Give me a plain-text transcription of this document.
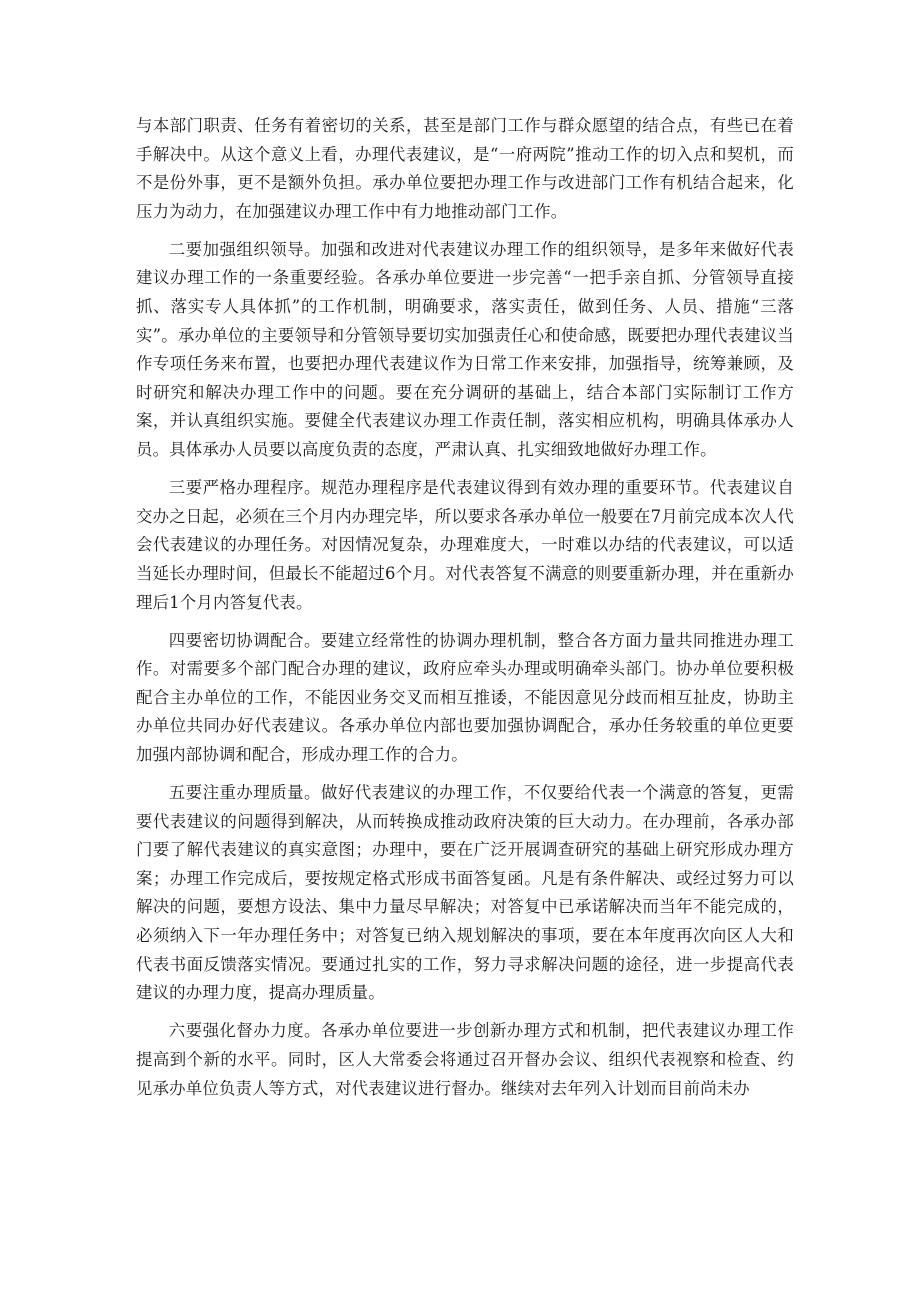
与本部门职责、任务有着密切的关系，甚至是部门工作与群众愿望的结合点，有些已在着手解决中。从这个意义上看，办理代表建议，是“一府两院”推动工作的切入点和契机，而不是份外事，更不是额外负担。承办单位要把办理工作与改进部门工作有机结合起来，化压力为动力，在加强建议办理工作中有力地推动部门工作。

二要加强组织领导。加强和改进对代表建议办理工作的组织领导，是多年来做好代表建议办理工作的一条重要经验。各承办单位要进一步完善“一把手亲自抓、分管领导直接抓、落实专人具体抓”的工作机制，明确要求，落实责任，做到任务、人员、措施“三落实”。承办单位的主要领导和分管领导要切实加强责任心和使命感，既要把办理代表建议当作专项任务来布置，也要把办理代表建议作为日常工作来安排，加强指导，统筹兼顾，及时研究和解决办理工作中的问题。要在充分调研的基础上，结合本部门实际制订工作方案，并认真组织实施。要健全代表建议办理工作责任制，落实相应机构，明确具体承办人员。具体承办人员要以高度负责的态度，严肃认真、扎实细致地做好办理工作。

三要严格办理程序。规范办理程序是代表建议得到有效办理的重要环节。代表建议自交办之日起，必须在三个月内办理完毕，所以要求各承办单位一般要在7月前完成本次人代会代表建议的办理任务。对因情况复杂，办理难度大，一时难以办结的代表建议，可以适当延长办理时间，但最长不能超过6个月。对代表答复不满意的则要重新办理，并在重新办理后1个月内答复代表。

四要密切协调配合。要建立经常性的协调办理机制，整合各方面力量共同推进办理工作。对需要多个部门配合办理的建议，政府应牵头办理或明确牵头部门。协办单位要积极配合主办单位的工作，不能因业务交叉而相互推诿，不能因意见分歧而相互扯皮，协助主办单位共同办好代表建议。各承办单位内部也要加强协调配合，承办任务较重的单位更要加强内部协调和配合，形成办理工作的合力。

五要注重办理质量。做好代表建议的办理工作，不仅要给代表一个满意的答复，更需要代表建议的问题得到解决，从而转换成推动政府决策的巨大动力。在办理前，各承办部门要了解代表建议的真实意图；办理中，要在广泛开展调查研究的基础上研究形成办理方案；办理工作完成后，要按规定格式形成书面答复函。凡是有条件解决、或经过努力可以解决的问题，要想方设法、集中力量尽早解决；对答复中已承诺解决而当年不能完成的，必须纳入下一年办理任务中；对答复已纳入规划解决的事项，要在本年度再次向区人大和代表书面反馈落实情况。要通过扎实的工作，努力寻求解决问题的途径，进一步提高代表建议的办理力度，提高办理质量。

六要强化督办力度。各承办单位要进一步创新办理方式和机制，把代表建议办理工作提高到个新的水平。同时，区人大常委会将通过召开督办会议、组织代表视察和检查、约见承办单位负责人等方式，对代表建议进行督办。继续对去年列入计划而目前尚未办
